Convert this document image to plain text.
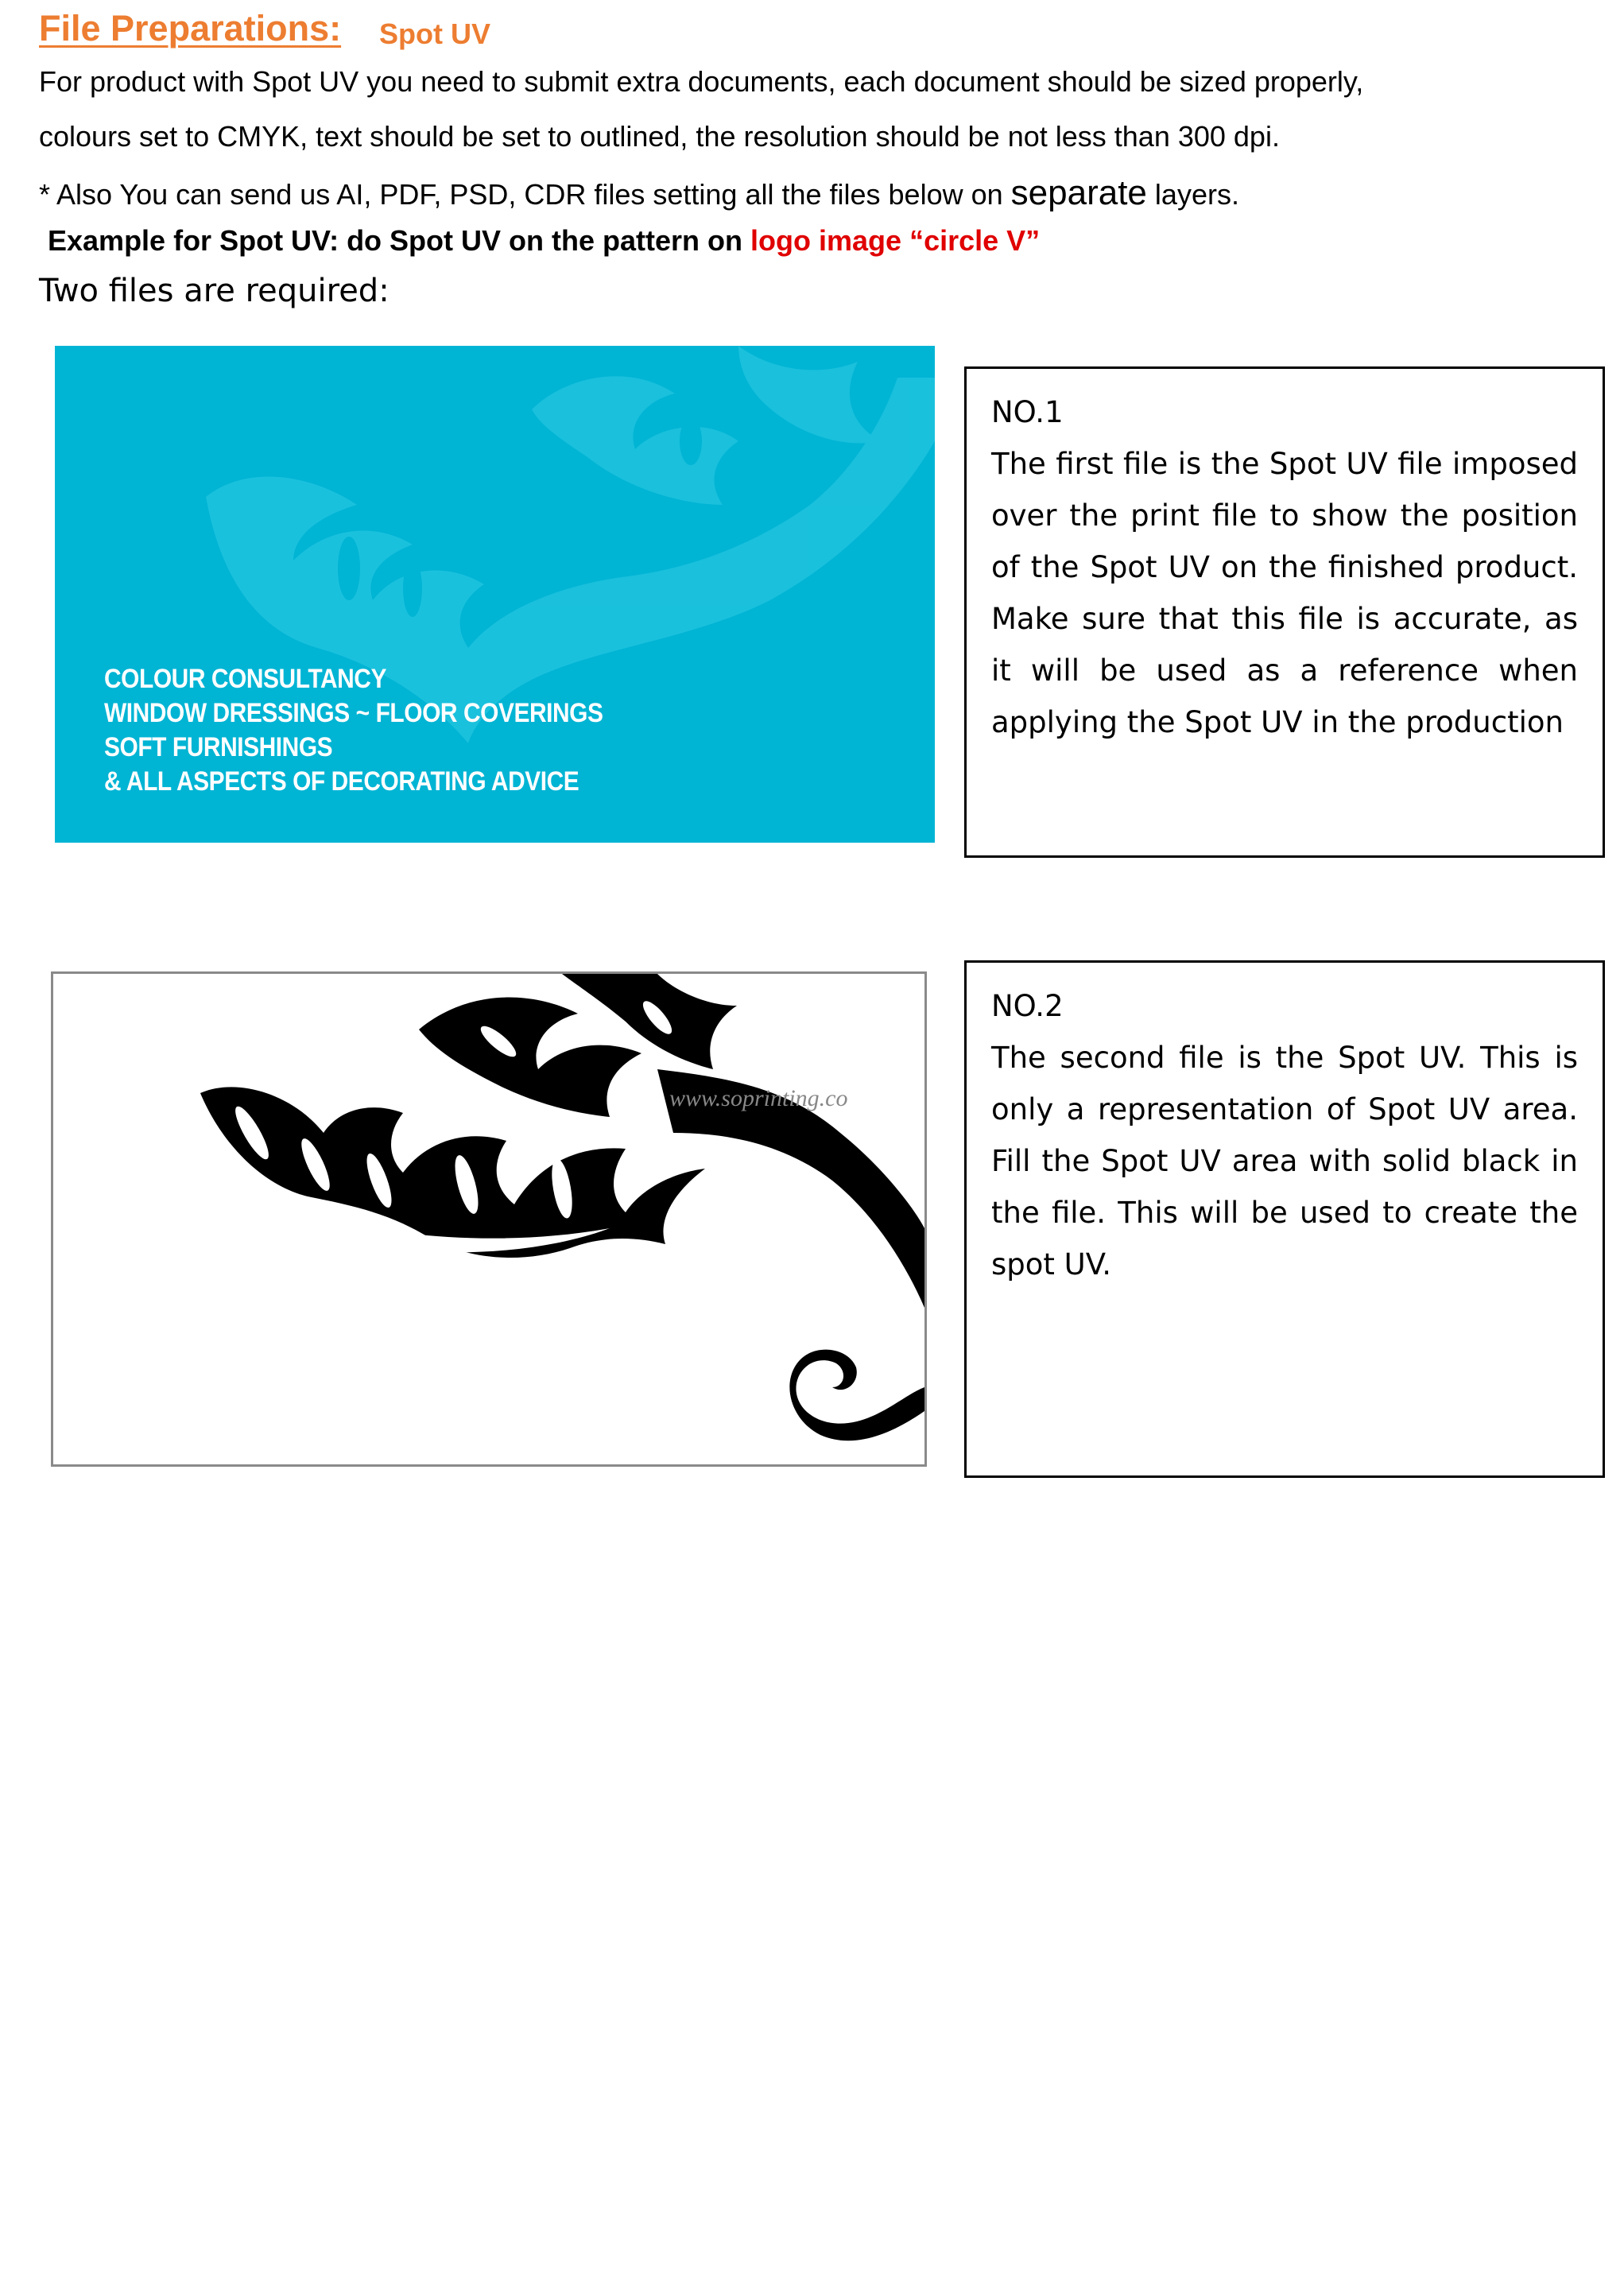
File Preparations: Spot UV
For product with Spot UV you need to submit extra documents, each document should be sized properly,
colours set to CMYK, text should be set to outlined, the resolution should be not less than 300 dpi.
* Also You can send us AI, PDF, PSD, CDR files setting all the files below on separate layers.
Example for Spot UV: do Spot UV on the pattern on logo image “circle V”
Two files are required:
COLOUR CONSULTANCY
WINDOW DRESSINGS ~ FLOOR COVERINGS
SOFT FURNISHINGS
& ALL ASPECTS OF DECORATING ADVICE
NO.1
The first file is the Spot UV file imposed over the print file to show the position of the Spot UV on the finished product. Make sure that this file is accurate, as it will be used as a reference when applying the Spot UV in the production
www.soprinting.co
NO.2
The second file is the Spot UV. This is only a representation of Spot UV area. Fill the Spot UV area with solid black in the file. This will be used to create the spot UV.
